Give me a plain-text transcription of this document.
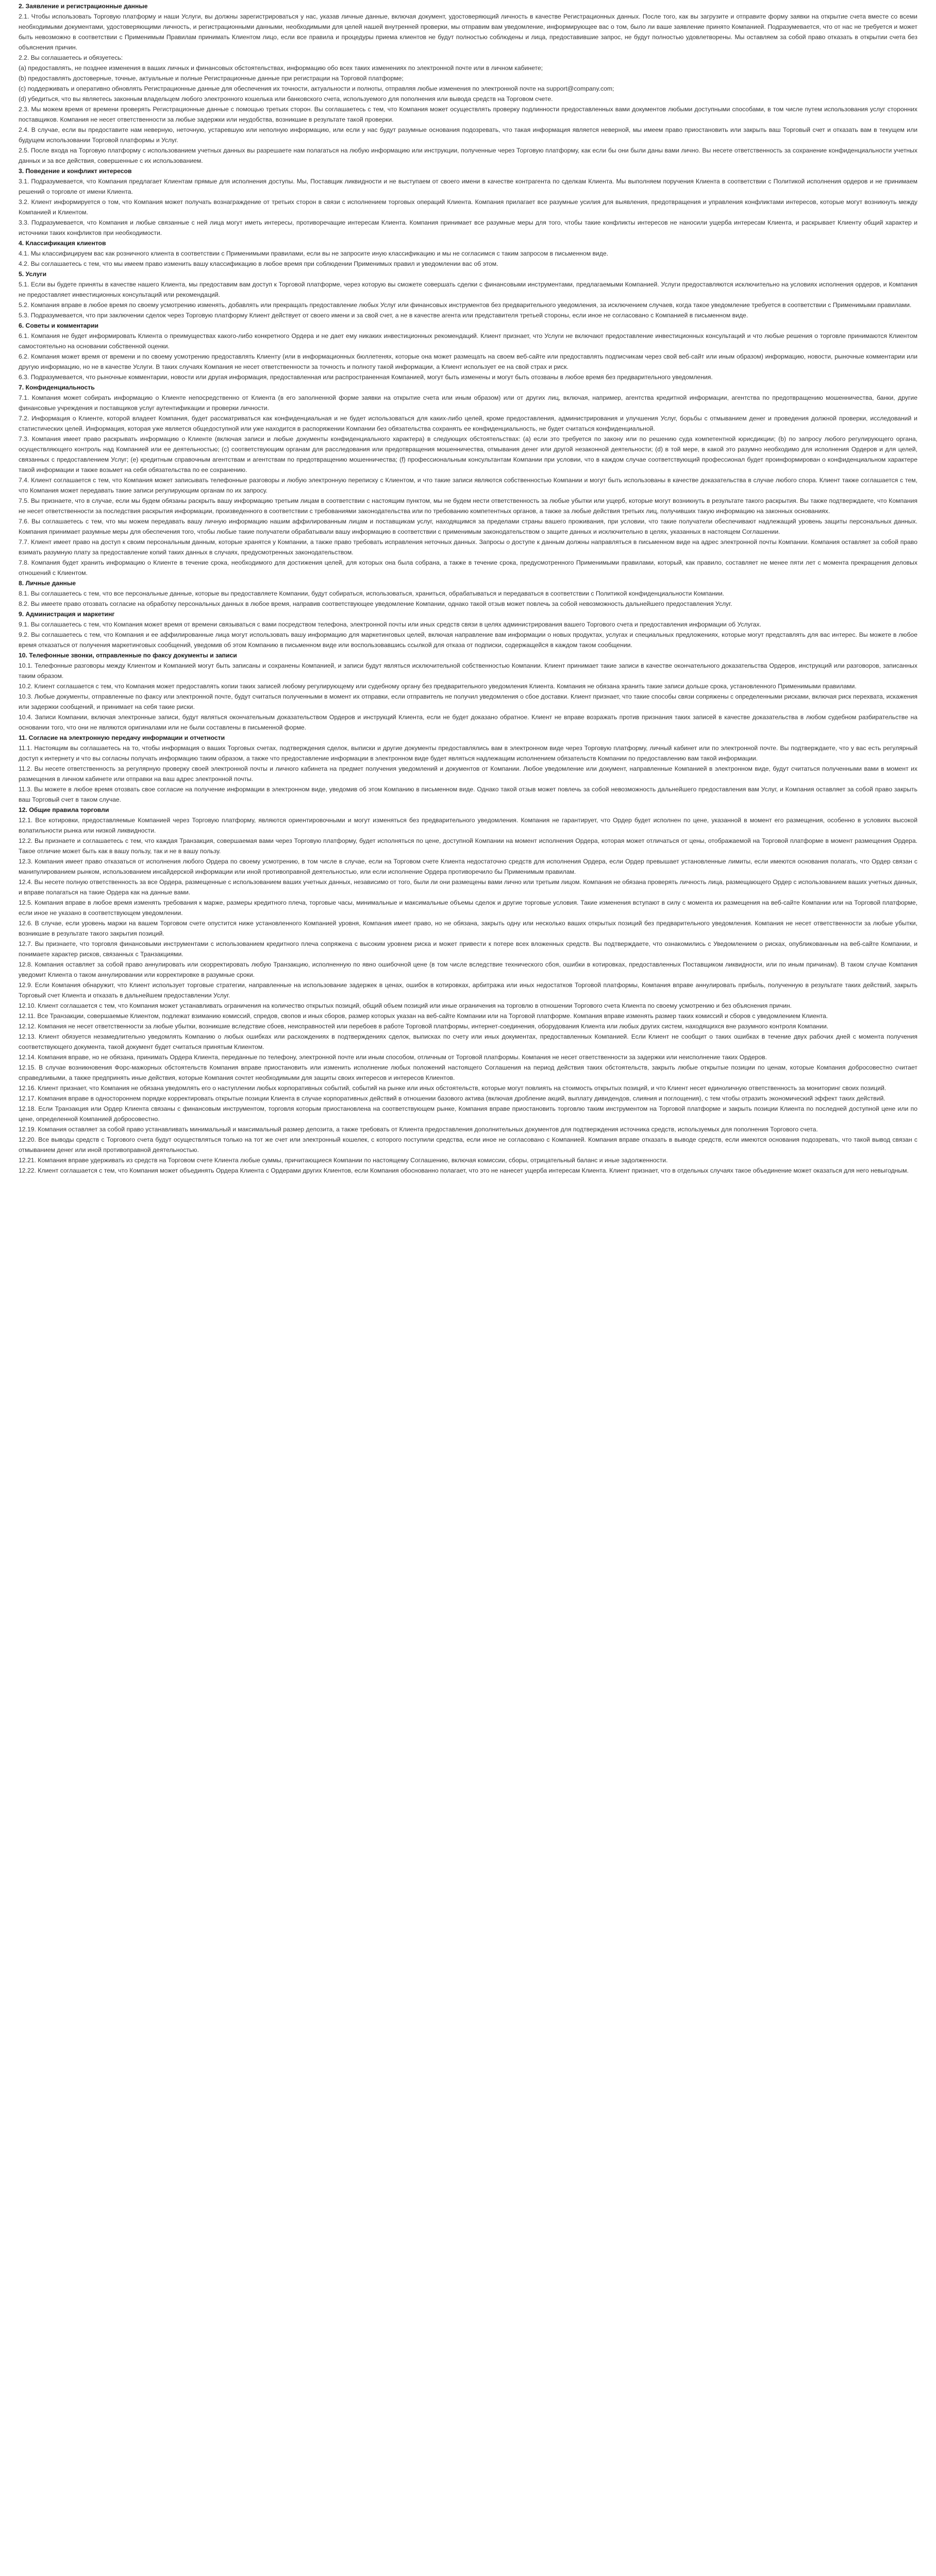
2. Заявление и регистрационные данные
2.1. Чтобы использовать Торговую платформу и наши Услуги, вы должны зарегистрироваться у нас, указав личные данные, включая документ, удостоверяющий личность в качестве Регистрационных данных. После того, как вы загрузите и отправите форму заявки на открытие счета вместе со всеми необходимыми документами, удостоверяющими личность, и регистрационными данными, необходимыми для целей нашей внутренней проверки, мы отправим вам уведомление, информирующее вас о том, было ли ваше заявление принято Компанией. Подразумевается, что от нас не требуется и может быть невозможно в соответствии с Применимым Правилам принимать Клиентом лицо, если все правила и процедуры приема клиентов не будут полностью соблюдены и лица, предоставившие запрос, не будут полностью удовлетворены. Мы оставляем за собой право отказать в открытии счета без объяснения причин.
2.2. Вы соглашаетесь и обязуетесь:
(а) предоставлять, не позднее изменения в ваших личных и финансовых обстоятельствах, информацию обо всех таких изменениях по электронной почте или в личном кабинете;
(b) предоставлять достоверные, точные, актуальные и полные Регистрационные данные при регистрации на Торговой платформе;
(c) поддерживать и оперативно обновлять Регистрационные данные для обеспечения их точности, актуальности и полноты, отправляя любые изменения по электронной почте на support@company.com;
(d) убедиться, что вы являетесь законным владельцем любого электронного кошелька или банковского счета, используемого для пополнения или вывода средств на Торговом счете.
2.3. Мы можем время от времени проверять Регистрационные данные с помощью третьих сторон. Вы соглашаетесь с тем, что Компания может осуществлять проверку подлинности предоставленных вами документов любыми доступными способами, в том числе путем использования услуг сторонних поставщиков. Компания не несет ответственности за любые задержки или неудобства, возникшие в результате такой проверки.
2.4. В случае, если вы предоставите нам неверную, неточную, устаревшую или неполную информацию, или если у нас будут разумные основания подозревать, что такая информация является неверной, мы имеем право приостановить или закрыть ваш Торговый счет и отказать вам в текущем или будущем использовании Торговой платформы и Услуг.
2.5. После входа на Торговую платформу с использованием учетных данных вы разрешаете нам полагаться на любую информацию или инструкции, полученные через Торговую платформу, как если бы они были даны вами лично. Вы несете ответственность за сохранение конфиденциальности учетных данных и за все действия, совершенные с их использованием.
3. Поведение и конфликт интересов
3.1. Подразумевается, что Компания предлагает Клиентам прямые для исполнения доступы. Мы, Поставщик ликвидности и не выступаем от своего имени в качестве контрагента по сделкам Клиента. Мы выполняем поручения Клиента в соответствии с Политикой исполнения ордеров и не принимаем решений о торговле от имени Клиента.
3.2. Клиент информируется о том, что Компания может получать вознаграждение от третьих сторон в связи с исполнением торговых операций Клиента. Компания прилагает все разумные усилия для выявления, предотвращения и управления конфликтами интересов, которые могут возникнуть между Компанией и Клиентом.
3.3. Подразумевается, что Компания и любые связанные с ней лица могут иметь интересы, противоречащие интересам Клиента. Компания принимает все разумные меры для того, чтобы такие конфликты интересов не наносили ущерба интересам Клиента, и раскрывает Клиенту общий характер и источники таких конфликтов при необходимости.
4. Классификация клиентов
4.1. Мы классифицируем вас как розничного клиента в соответствии с Применимыми правилами, если вы не запросите иную классификацию и мы не согласимся с таким запросом в письменном виде.
4.2. Вы соглашаетесь с тем, что мы имеем право изменить вашу классификацию в любое время при соблюдении Применимых правил и уведомлении вас об этом.
5. Услуги
5.1. Если вы будете приняты в качестве нашего Клиента, мы предоставим вам доступ к Торговой платформе, через которую вы сможете совершать сделки с финансовыми инструментами, предлагаемыми Компанией. Услуги предоставляются исключительно на условиях исполнения ордеров, и Компания не предоставляет инвестиционных консультаций или рекомендаций.
5.2. Компания вправе в любое время по своему усмотрению изменять, добавлять или прекращать предоставление любых Услуг или финансовых инструментов без предварительного уведомления, за исключением случаев, когда такое уведомление требуется в соответствии с Применимыми правилами.
5.3. Подразумевается, что при заключении сделок через Торговую платформу Клиент действует от своего имени и за свой счет, а не в качестве агента или представителя третьей стороны, если иное не согласовано с Компанией в письменном виде.
6. Советы и комментарии
6.1. Компания не будет информировать Клиента о преимуществах какого-либо конкретного Ордера и не дает ему никаких инвестиционных рекомендаций. Клиент признает, что Услуги не включают предоставление инвестиционных консультаций и что любые решения о торговле принимаются Клиентом самостоятельно на основании собственной оценки.
6.2. Компания может время от времени и по своему усмотрению предоставлять Клиенту (или в информационных бюллетенях, которые она может размещать на своем веб-сайте или предоставлять подписчикам через свой веб-сайт или иным образом) информацию, новости, рыночные комментарии или другую информацию, но не в качестве Услуги. В таких случаях Компания не несет ответственности за точность и полноту такой информации, а Клиент использует ее на свой страх и риск.
6.3. Подразумевается, что рыночные комментарии, новости или другая информация, предоставленная или распространенная Компанией, могут быть изменены и могут быть отозваны в любое время без предварительного уведомления.
7. Конфиденциальность
7.1. Компания может собирать информацию о Клиенте непосредственно от Клиента (в его заполненной форме заявки на открытие счета или иным образом) или от других лиц, включая, например, агентства кредитной информации, агентства по предотвращению мошенничества, банки, другие финансовые учреждения и поставщиков услуг аутентификации и проверки личности.
7.2. Информация о Клиенте, которой владеет Компания, будет рассматриваться как конфиденциальная и не будет использоваться для каких-либо целей, кроме предоставления, администрирования и улучшения Услуг, борьбы с отмыванием денег и проведения должной проверки, исследований и статистических целей. Информация, которая уже является общедоступной или уже находится в распоряжении Компании без обязательства сохранять ее конфиденциальность, не будет считаться конфиденциальной.
7.3. Компания имеет право раскрывать информацию о Клиенте (включая записи и любые документы конфиденциального характера) в следующих обстоятельствах: (а) если это требуется по закону или по решению суда компетентной юрисдикции; (b) по запросу любого регулирующего органа, осуществляющего контроль над Компанией или ее деятельностью; (c) соответствующим органам для расследования или предотвращения мошенничества, отмывания денег или другой незаконной деятельности; (d) в той мере, в какой это разумно необходимо для исполнения Ордеров и для целей, связанных с предоставлением Услуг; (e) кредитным справочным агентствам и агентствам по предотвращению мошенничества; (f) профессиональным консультантам Компании при условии, что в каждом случае соответствующий профессионал будет проинформирован о конфиденциальном характере такой информации и также возьмет на себя обязательства по ее сохранению.
7.4. Клиент соглашается с тем, что Компания может записывать телефонные разговоры и любую электронную переписку с Клиентом, и что такие записи являются собственностью Компании и могут быть использованы в качестве доказательства в случае любого спора. Клиент также соглашается с тем, что Компания может передавать такие записи регулирующим органам по их запросу.
7.5. Вы признаете, что в случае, если мы будем обязаны раскрыть вашу информацию третьим лицам в соответствии с настоящим пунктом, мы не будем нести ответственность за любые убытки или ущерб, которые могут возникнуть в результате такого раскрытия. Вы также подтверждаете, что Компания не несет ответственности за последствия раскрытия информации, произведенного в соответствии с требованиями законодательства или по требованию компетентных органов, а также за любые действия третьих лиц, получивших такую информацию на законных основаниях.
7.6. Вы соглашаетесь с тем, что мы можем передавать вашу личную информацию нашим аффилированным лицам и поставщикам услуг, находящимся за пределами страны вашего проживания, при условии, что такие получатели обеспечивают надлежащий уровень защиты персональных данных. Компания принимает разумные меры для обеспечения того, чтобы любые такие получатели обрабатывали вашу информацию в соответствии с применимым законодательством о защите данных и исключительно в целях, указанных в настоящем Соглашении.
7.7. Клиент имеет право на доступ к своим персональным данным, которые хранятся у Компании, а также право требовать исправления неточных данных. Запросы о доступе к данным должны направляться в письменном виде на адрес электронной почты Компании. Компания оставляет за собой право взимать разумную плату за предоставление копий таких данных в случаях, предусмотренных законодательством.
7.8. Компания будет хранить информацию о Клиенте в течение срока, необходимого для достижения целей, для которых она была собрана, а также в течение срока, предусмотренного Применимыми правилами, который, как правило, составляет не менее пяти лет с момента прекращения деловых отношений с Клиентом.
8. Личные данные
8.1. Вы соглашаетесь с тем, что все персональные данные, которые вы предоставляете Компании, будут собираться, использоваться, храниться, обрабатываться и передаваться в соответствии с Политикой конфиденциальности Компании.
8.2. Вы имеете право отозвать согласие на обработку персональных данных в любое время, направив соответствующее уведомление Компании, однако такой отзыв может повлечь за собой невозможность дальнейшего предоставления Услуг.
9. Администрация и маркетинг
9.1. Вы соглашаетесь с тем, что Компания может время от времени связываться с вами посредством телефона, электронной почты или иных средств связи в целях администрирования вашего Торгового счета и предоставления информации об Услугах.
9.2. Вы соглашаетесь с тем, что Компания и ее аффилированные лица могут использовать вашу информацию для маркетинговых целей, включая направление вам информации о новых продуктах, услугах и специальных предложениях, которые могут представлять для вас интерес. Вы можете в любое время отказаться от получения маркетинговых сообщений, уведомив об этом Компанию в письменном виде или воспользовавшись ссылкой для отказа от подписки, содержащейся в каждом таком сообщении.
10. Телефонные звонки, отправленные по факсу документы и записи
10.1. Телефонные разговоры между Клиентом и Компанией могут быть записаны и сохранены Компанией, и записи будут являться исключительной собственностью Компании. Клиент принимает такие записи в качестве окончательного доказательства Ордеров, инструкций или разговоров, записанных таким образом.
10.2. Клиент соглашается с тем, что Компания может предоставлять копии таких записей любому регулирующему или судебному органу без предварительного уведомления Клиента. Компания не обязана хранить такие записи дольше срока, установленного Применимыми правилами.
10.3. Любые документы, отправленные по факсу или электронной почте, будут считаться полученными в момент их отправки, если отправитель не получил уведомления о сбое доставки. Клиент признает, что такие способы связи сопряжены с определенными рисками, включая риск перехвата, искажения или задержки сообщений, и принимает на себя такие риски.
10.4. Записи Компании, включая электронные записи, будут являться окончательным доказательством Ордеров и инструкций Клиента, если не будет доказано обратное. Клиент не вправе возражать против признания таких записей в качестве доказательства в любом судебном разбирательстве на основании того, что они не являются оригиналами или не были составлены в письменной форме.
11. Согласие на электронную передачу информации и отчетности
11.1. Настоящим вы соглашаетесь на то, чтобы информация о ваших Торговых счетах, подтверждения сделок, выписки и другие документы предоставлялись вам в электронном виде через Торговую платформу, личный кабинет или по электронной почте. Вы подтверждаете, что у вас есть регулярный доступ к интернету и что вы согласны получать информацию таким образом, а также что предоставление информации в электронном виде будет являться надлежащим исполнением обязательств Компании по предоставлению вам такой информации.
11.2. Вы несете ответственность за регулярную проверку своей электронной почты и личного кабинета на предмет получения уведомлений и документов от Компании. Любое уведомление или документ, направленные Компанией в электронном виде, будут считаться полученными вами в момент их размещения в личном кабинете или отправки на ваш адрес электронной почты.
11.3. Вы можете в любое время отозвать свое согласие на получение информации в электронном виде, уведомив об этом Компанию в письменном виде. Однако такой отзыв может повлечь за собой невозможность дальнейшего предоставления вам Услуг, и Компания оставляет за собой право закрыть ваш Торговый счет в таком случае.
12. Общие правила торговли
12.1. Все котировки, предоставляемые Компанией через Торговую платформу, являются ориентировочными и могут изменяться без предварительного уведомления. Компания не гарантирует, что Ордер будет исполнен по цене, указанной в момент его размещения, особенно в условиях высокой волатильности рынка или низкой ликвидности.
12.2. Вы признаете и соглашаетесь с тем, что каждая Транзакция, совершаемая вами через Торговую платформу, будет исполняться по цене, доступной Компании на момент исполнения Ордера, которая может отличаться от цены, отображаемой на Торговой платформе в момент размещения Ордера. Такое отличие может быть как в вашу пользу, так и не в вашу пользу.
12.3. Компания имеет право отказаться от исполнения любого Ордера по своему усмотрению, в том числе в случае, если на Торговом счете Клиента недостаточно средств для исполнения Ордера, если Ордер превышает установленные лимиты, если имеются основания полагать, что Ордер связан с манипулированием рынком, использованием инсайдерской информации или иной противоправной деятельностью, или если исполнение Ордера противоречило бы Применимым правилам.
12.4. Вы несете полную ответственность за все Ордера, размещенные с использованием ваших учетных данных, независимо от того, были ли они размещены вами лично или третьим лицом. Компания не обязана проверять личность лица, размещающего Ордер с использованием ваших учетных данных, и вправе полагаться на такие Ордера как на данные вами.
12.5. Компания вправе в любое время изменять требования к марже, размеры кредитного плеча, торговые часы, минимальные и максимальные объемы сделок и другие торговые условия. Такие изменения вступают в силу с момента их размещения на веб-сайте Компании или на Торговой платформе, если иное не указано в соответствующем уведомлении.
12.6. В случае, если уровень маржи на вашем Торговом счете опустится ниже установленного Компанией уровня, Компания имеет право, но не обязана, закрыть одну или несколько ваших открытых позиций без предварительного уведомления. Компания не несет ответственности за любые убытки, возникшие в результате такого закрытия позиций.
12.7. Вы признаете, что торговля финансовыми инструментами с использованием кредитного плеча сопряжена с высоким уровнем риска и может привести к потере всех вложенных средств. Вы подтверждаете, что ознакомились с Уведомлением о рисках, опубликованным на веб-сайте Компании, и понимаете характер рисков, связанных с Транзакциями.
12.8. Компания оставляет за собой право аннулировать или скорректировать любую Транзакцию, исполненную по явно ошибочной цене (в том числе вследствие технического сбоя, ошибки в котировках, предоставленных Поставщиком ликвидности, или по иным причинам). В таком случае Компания уведомит Клиента о таком аннулировании или корректировке в разумные сроки.
12.9. Если Компания обнаружит, что Клиент использует торговые стратегии, направленные на использование задержек в ценах, ошибок в котировках, арбитража или иных недостатков Торговой платформы, Компания вправе аннулировать прибыль, полученную в результате таких действий, закрыть Торговый счет Клиента и отказать в дальнейшем предоставлении Услуг.
12.10. Клиент соглашается с тем, что Компания может устанавливать ограничения на количество открытых позиций, общий объем позиций или иные ограничения на торговлю в отношении Торгового счета Клиента по своему усмотрению и без объяснения причин.
12.11. Все Транзакции, совершаемые Клиентом, подлежат взиманию комиссий, спредов, свопов и иных сборов, размер которых указан на веб-сайте Компании или на Торговой платформе. Компания вправе изменять размер таких комиссий и сборов с уведомлением Клиента.
12.12. Компания не несет ответственности за любые убытки, возникшие вследствие сбоев, неисправностей или перебоев в работе Торговой платформы, интернет-соединения, оборудования Клиента или любых других систем, находящихся вне разумного контроля Компании.
12.13. Клиент обязуется незамедлительно уведомлять Компанию о любых ошибках или расхождениях в подтверждениях сделок, выписках по счету или иных документах, предоставленных Компанией. Если Клиент не сообщит о таких ошибках в течение двух рабочих дней с момента получения соответствующего документа, такой документ будет считаться принятым Клиентом.
12.14. Компания вправе, но не обязана, принимать Ордера Клиента, переданные по телефону, электронной почте или иным способом, отличным от Торговой платформы. Компания не несет ответственности за задержки или неисполнение таких Ордеров.
12.15. В случае возникновения Форс-мажорных обстоятельств Компания вправе приостановить или изменить исполнение любых положений настоящего Соглашения на период действия таких обстоятельств, закрыть любые открытые позиции по ценам, которые Компания добросовестно считает справедливыми, а также предпринять иные действия, которые Компания сочтет необходимыми для защиты своих интересов и интересов Клиентов.
12.16. Клиент признает, что Компания не обязана уведомлять его о наступлении любых корпоративных событий, событий на рынке или иных обстоятельств, которые могут повлиять на стоимость открытых позиций, и что Клиент несет единоличную ответственность за мониторинг своих позиций.
12.17. Компания вправе в одностороннем порядке корректировать открытые позиции Клиента в случае корпоративных действий в отношении базового актива (включая дробление акций, выплату дивидендов, слияния и поглощения), с тем чтобы отразить экономический эффект таких действий.
12.18. Если Транзакция или Ордер Клиента связаны с финансовым инструментом, торговля которым приостановлена на соответствующем рынке, Компания вправе приостановить торговлю таким инструментом на Торговой платформе и закрыть позиции Клиента по последней доступной цене или по цене, определенной Компанией добросовестно.
12.19. Компания оставляет за собой право устанавливать минимальный и максимальный размер депозита, а также требовать от Клиента предоставления дополнительных документов для подтверждения источника средств, используемых для пополнения Торгового счета.
12.20. Все выводы средств с Торгового счета будут осуществляться только на тот же счет или электронный кошелек, с которого поступили средства, если иное не согласовано с Компанией. Компания вправе отказать в выводе средств, если имеются основания подозревать, что такой вывод связан с отмыванием денег или иной противоправной деятельностью.
12.21. Компания вправе удерживать из средств на Торговом счете Клиента любые суммы, причитающиеся Компании по настоящему Соглашению, включая комиссии, сборы, отрицательный баланс и иные задолженности.
12.22. Клиент соглашается с тем, что Компания может объединять Ордера Клиента с Ордерами других Клиентов, если Компания обоснованно полагает, что это не нанесет ущерба интересам Клиента. Клиент признает, что в отдельных случаях такое объединение может оказаться для него невыгодным.
